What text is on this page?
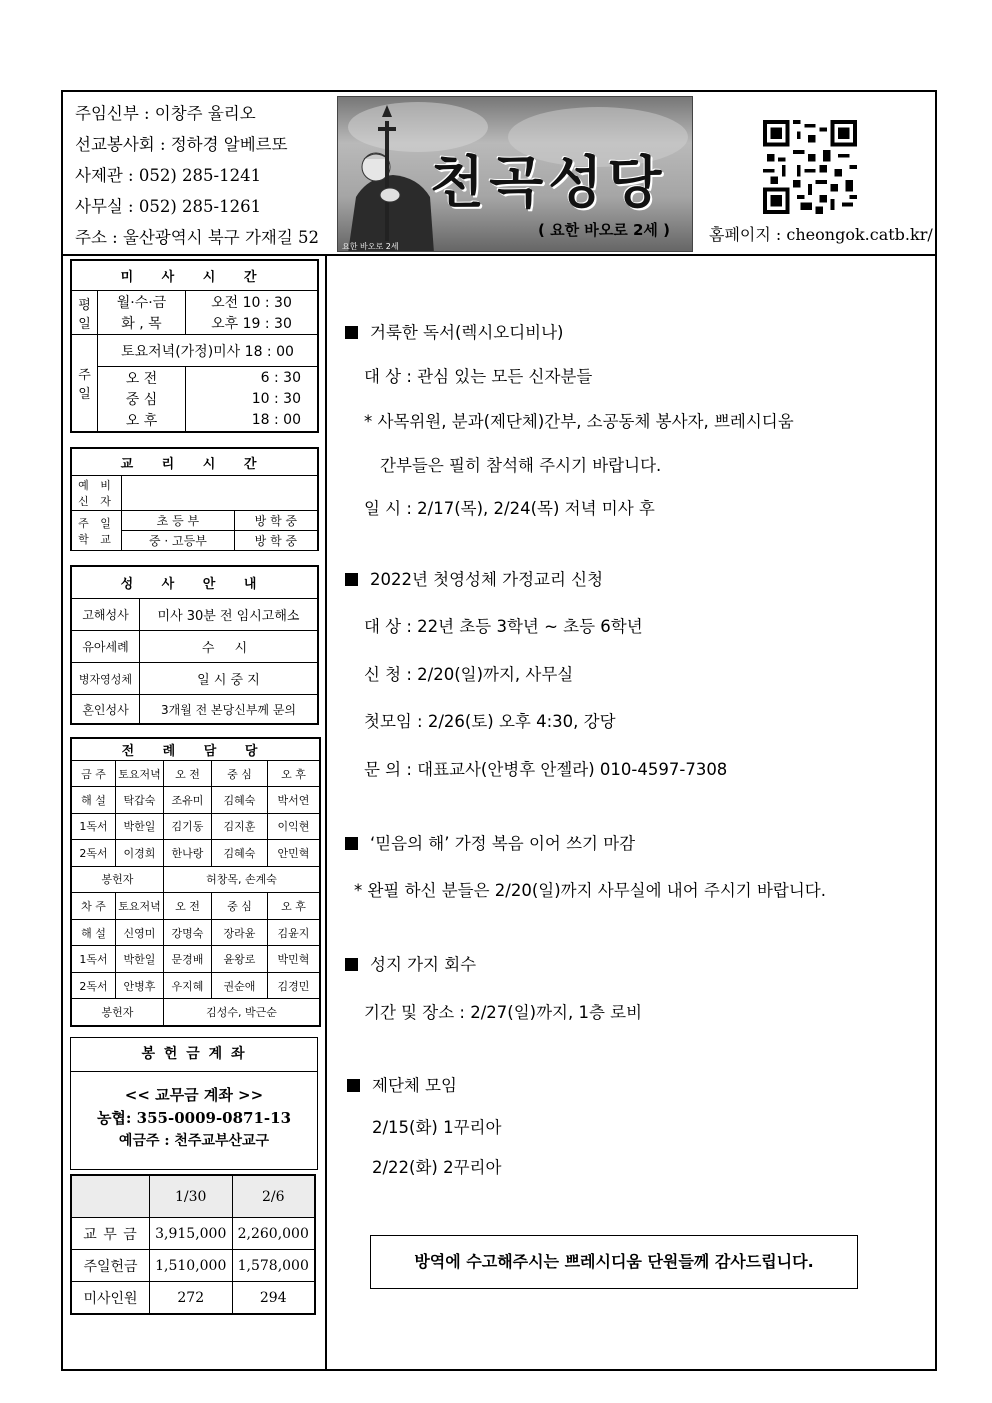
주임신부 : 이창주 율리오
선교봉사회 : 정하경 알베르또
사제관 : 052) 285-1241
사무실 : 052) 285-1261
주소 : 울산광역시 북구 가재길 52
천곡성당
( 요한 바오로 2세 )
요한 바오로 2세
홈페이지 : cheongok.catb.kr/
미 사 시 간		
평 일	월·수·금	오전 10 : 30
	화 , 목	오후 19 : 30
주 일	토요저녁(가정)미사 18 : 00	
	오 전	6 : 30
	중 심	10 : 30
	오 후	18 : 00
교 리 시 간		
예 비 신 자		
주 일 학 교	초 등 부	방 학 중
	중 · 고등부	방 학 중
성 사 안 내	
고해성사	미사 30분 전 임시고해소
유아세례	수 시
병자영성체	일 시 중 지
혼인성사	3개월 전 본당신부께 문의
전 례 담 당				
금 주	토요저녁	오 전	중 심	오 후
해 설	탁갑숙	조유미	김혜숙	박서연
1독서	박한일	김기동	김지훈	이익현
2독서	이경희	한나랑	김혜숙	안민혁
봉헌자		허창목, 손계숙		
차 주	토요저녁	오 전	중 심	오 후
해 설	신영미	강명숙	장라윤	김윤지
1독서	박한일	문경배	윤왕로	박민혁
2독서	안병후	우지혜	권순애	김경민
봉헌자		김성수, 박근순		
봉 헌 금 계 좌
<< 교무금 계좌 >>
농협: 355-0009-0871-13
예금주 : 천주교부산교구
	1/30	2/6
교 무 금	3,915,000	2,260,000
주일헌금	1,510,000	1,578,000
미사인원	272	294
거룩한 독서(렉시오디비나)
대 상 : 관심 있는 모든 신자분들
* 사목위원, 분과(제단체)간부, 소공동체 봉사자, 쁘레시디움
간부들은 필히 참석해 주시기 바랍니다.
일 시 : 2/17(목), 2/24(목) 저녁 미사 후
2022년 첫영성체 가정교리 신청
대 상 : 22년 초등 3학년 ~ 초등 6학년
신 청 : 2/20(일)까지, 사무실
첫모임 : 2/26(토) 오후 4:30, 강당
문 의 : 대표교사(안병후 안젤라) 010-4597-7308
‘믿음의 해’ 가정 복음 이어 쓰기 마감
* 완필 하신 분들은 2/20(일)까지 사무실에 내어 주시기 바랍니다.
성지 가지 회수
기간 및 장소 : 2/27(일)까지, 1층 로비
제단체 모임
2/15(화) 1꾸리아
2/22(화) 2꾸리아
방역에 수고해주시는 쁘레시디움 단원들께 감사드립니다.
